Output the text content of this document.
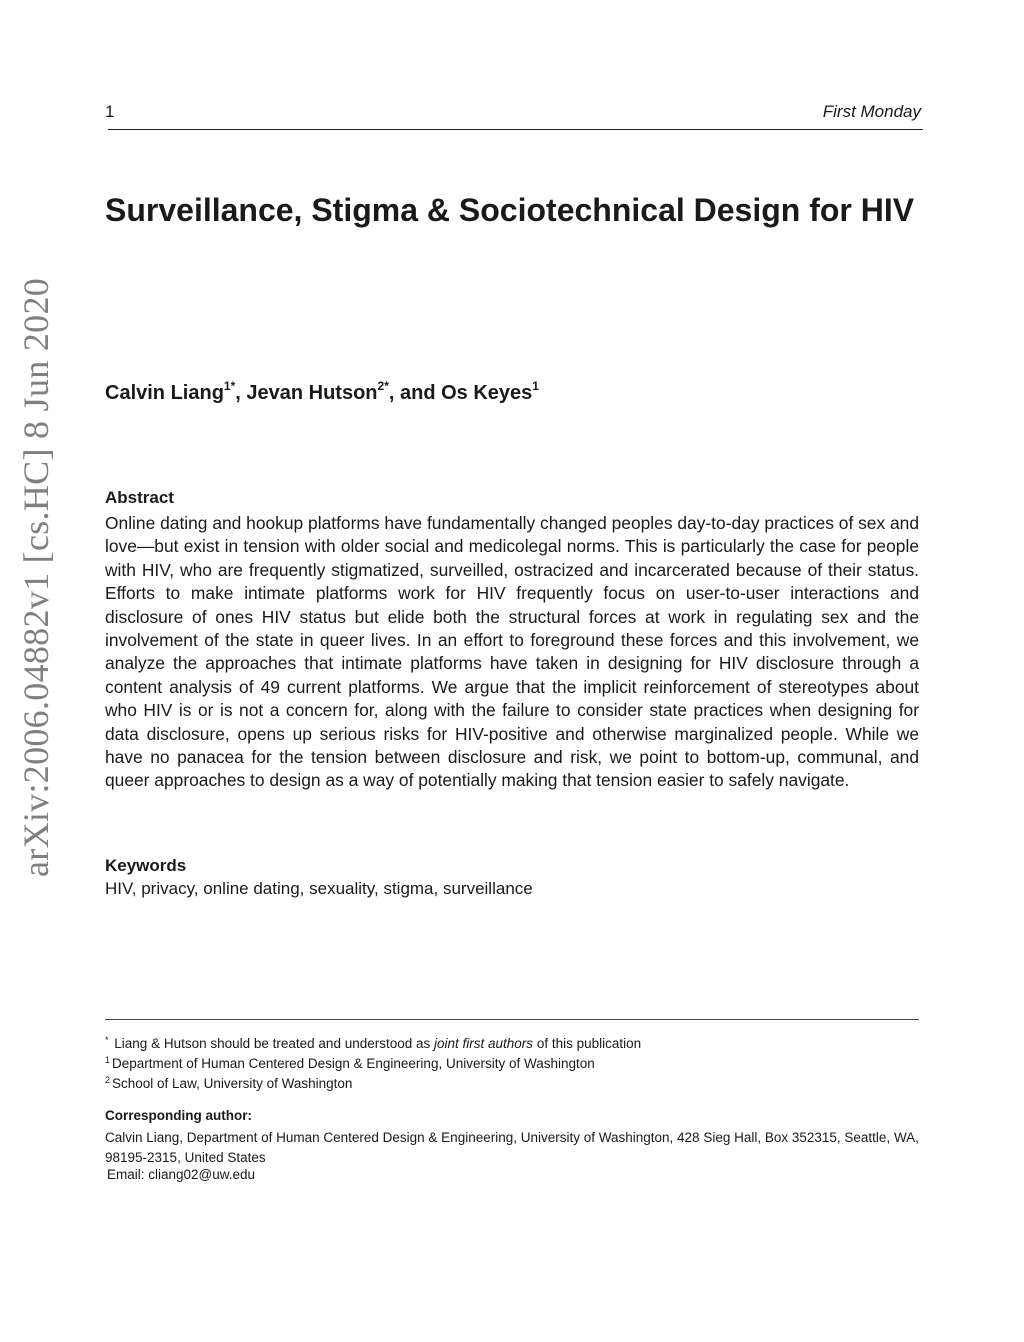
1	First Monday
arXiv:2006.04882v1 [cs.HC] 8 Jun 2020
Surveillance, Stigma & Sociotechnical Design for HIV
Calvin Liang$^{1*}$, Jevan Hutson$^{2*}$, and Os Keyes$^1$
Abstract

Online dating and hookup platforms have fundamentally changed peoples day-to-day practices of sex and love—but exist in tension with older social and medicolegal norms. This is particularly the case for people with HIV, who are frequently stigmatized, surveilled, ostracized and incarcerated because of their status. Efforts to make intimate platforms work for HIV frequently focus on user-to-user interactions and disclosure of ones HIV status but elide both the structural forces at work in regulating sex and the involvement of the state in queer lives. In an effort to foreground these forces and this involvement, we analyze the approaches that intimate platforms have taken in designing for HIV disclosure through a content analysis of 49 current platforms. We argue that the implicit reinforcement of stereotypes about who HIV is or is not a concern for, along with the failure to consider state practices when designing for data disclosure, opens up serious risks for HIV-positive and otherwise marginalized people. While we have no panacea for the tension between disclosure and risk, we point to bottom-up, communal, and queer approaches to design as a way of potentially making that tension easier to safely navigate.

Keywords
HIV, privacy, online dating, sexuality, stigma, surveillance
* Liang & Hutson should be treated and understood as joint first authors of this publication
$^1$ Department of Human Centered Design & Engineering, University of Washington
$^2$ School of Law, University of Washington
Corresponding author:

Calvin Liang, Department of Human Centered Design & Engineering, University of Washington, 428 Sieg Hall, Box 352315, Seattle, WA, 98195-2315, United States

Email: cliang02@uw.edu
